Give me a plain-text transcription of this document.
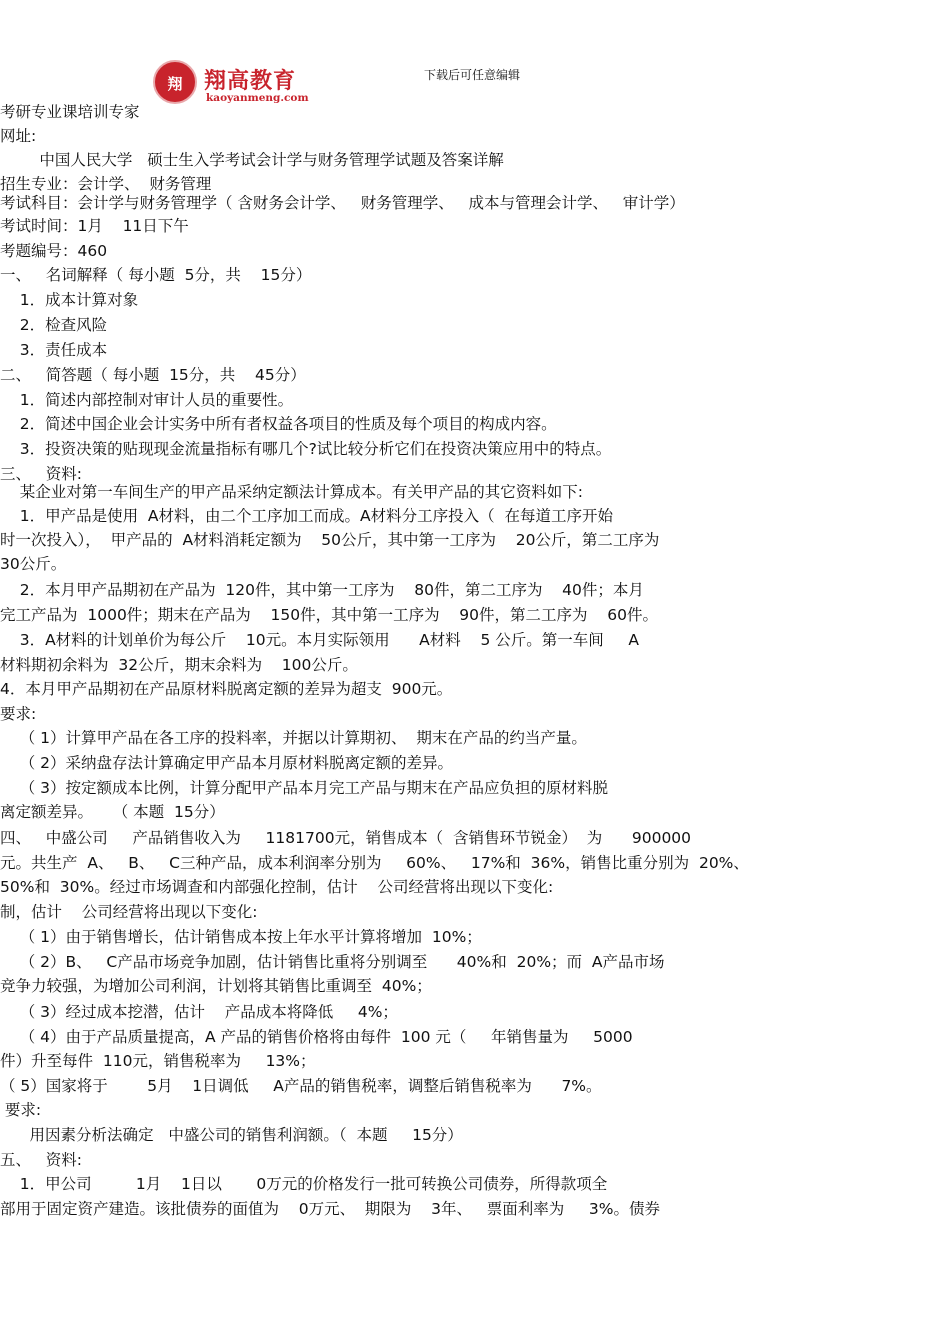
翔 翔高教育
kaoyanmeng.com
下载后可任意编辑
考研专业课培训专家
网址:
中国人民大学   硕士生入学考试会计学与财务管理学试题及答案详解
招生专业：会计学、  财务管理
考试科目：会计学与财务管理学（ 含财务会计学、   财务管理学、   成本与管理会计学、   审计学）
考试时间：1月    11日下午
考题编号：460
一、   名词解释（ 每小题  5分，共    15分）
1．成本计算对象
2．检查风险
3．责任成本
二、   简答题（ 每小题  15分，共    45分）
1．简述内部控制对审计人员的重要性。
2．简述中国企业会计实务中所有者权益各项目的性质及每个项目的构成内容。
3．投资决策的贴现现金流量指标有哪几个?试比较分析它们在投资决策应用中的特点。
三、   资料:
某企业对第一车间生产的甲产品采纳定额法计算成本。有关甲产品的其它资料如下:
1．甲产品是使用  A材料，由二个工序加工而成。A材料分工序投入（  在每道工序开始
时一次投入），  甲产品的  A材料消耗定额为    50公斤，其中第一工序为    20公斤，第二工序为
30公斤。
2．本月甲产品期初在产品为  120件，其中第一工序为    80件，第二工序为    40件；本月
完工产品为  1000件；期末在产品为    150件，其中第一工序为    90件，第二工序为    60件。
3．A材料的计划单价为每公斤    10元。本月实际领用      A材料    5 公斤。第一车间     A
材料期初余料为  32公斤，期末余料为    100公斤。
4．本月甲产品期初在产品原材料脱离定额的差异为超支  900元。
要求:
（ 1）计算甲产品在各工序的投料率，并据以计算期初、  期末在产品的约当产量。
（ 2）采纳盘存法计算确定甲产品本月原材料脱离定额的差异。
（ 3）按定额成本比例，计算分配甲产品本月完工产品与期末在产品应负担的原材料脱
离定额差异。    （ 本题  15分）
四、   中盛公司     产品销售收入为     1181700元，销售成本（  含销售环节锐金）  为      900000
元。共生产  A、   B、   C三种产品，成本利润率分别为     60%、   17%和  36%，销售比重分别为  20%、
50%和  30%。经过市场调查和内部强化控制，估计    公司经营将出现以下变化:
制，估计    公司经营将出现以下变化:
（ 1）由于销售增长，估计销售成本按上年水平计算将增加  10%；
（ 2）B、   C产品市场竞争加剧，估计销售比重将分别调至      40%和  20%；而  A产品市场
竞争力较强，为增加公司利润，计划将其销售比重调至  40%；
（ 3）经过成本挖潜，估计    产品成本将降低     4%；
（ 4）由于产品质量提高，A 产品的销售价格将由每件  100 元（     年销售量为     5000
件）升至每件  110元，销售税率为     13%；
（ 5）国家将于        5月    1日调低     A产品的销售税率，调整后销售税率为      7%。
要求:
用因素分析法确定   中盛公司的销售利润额。（  本题     15分）
五、   资料:
1．甲公司         1月    1日以       0万元的价格发行一批可转换公司债券，所得款项全
部用于固定资产建造。该批债券的面值为    0万元、  期限为    3年、   票面利率为     3%。债券
